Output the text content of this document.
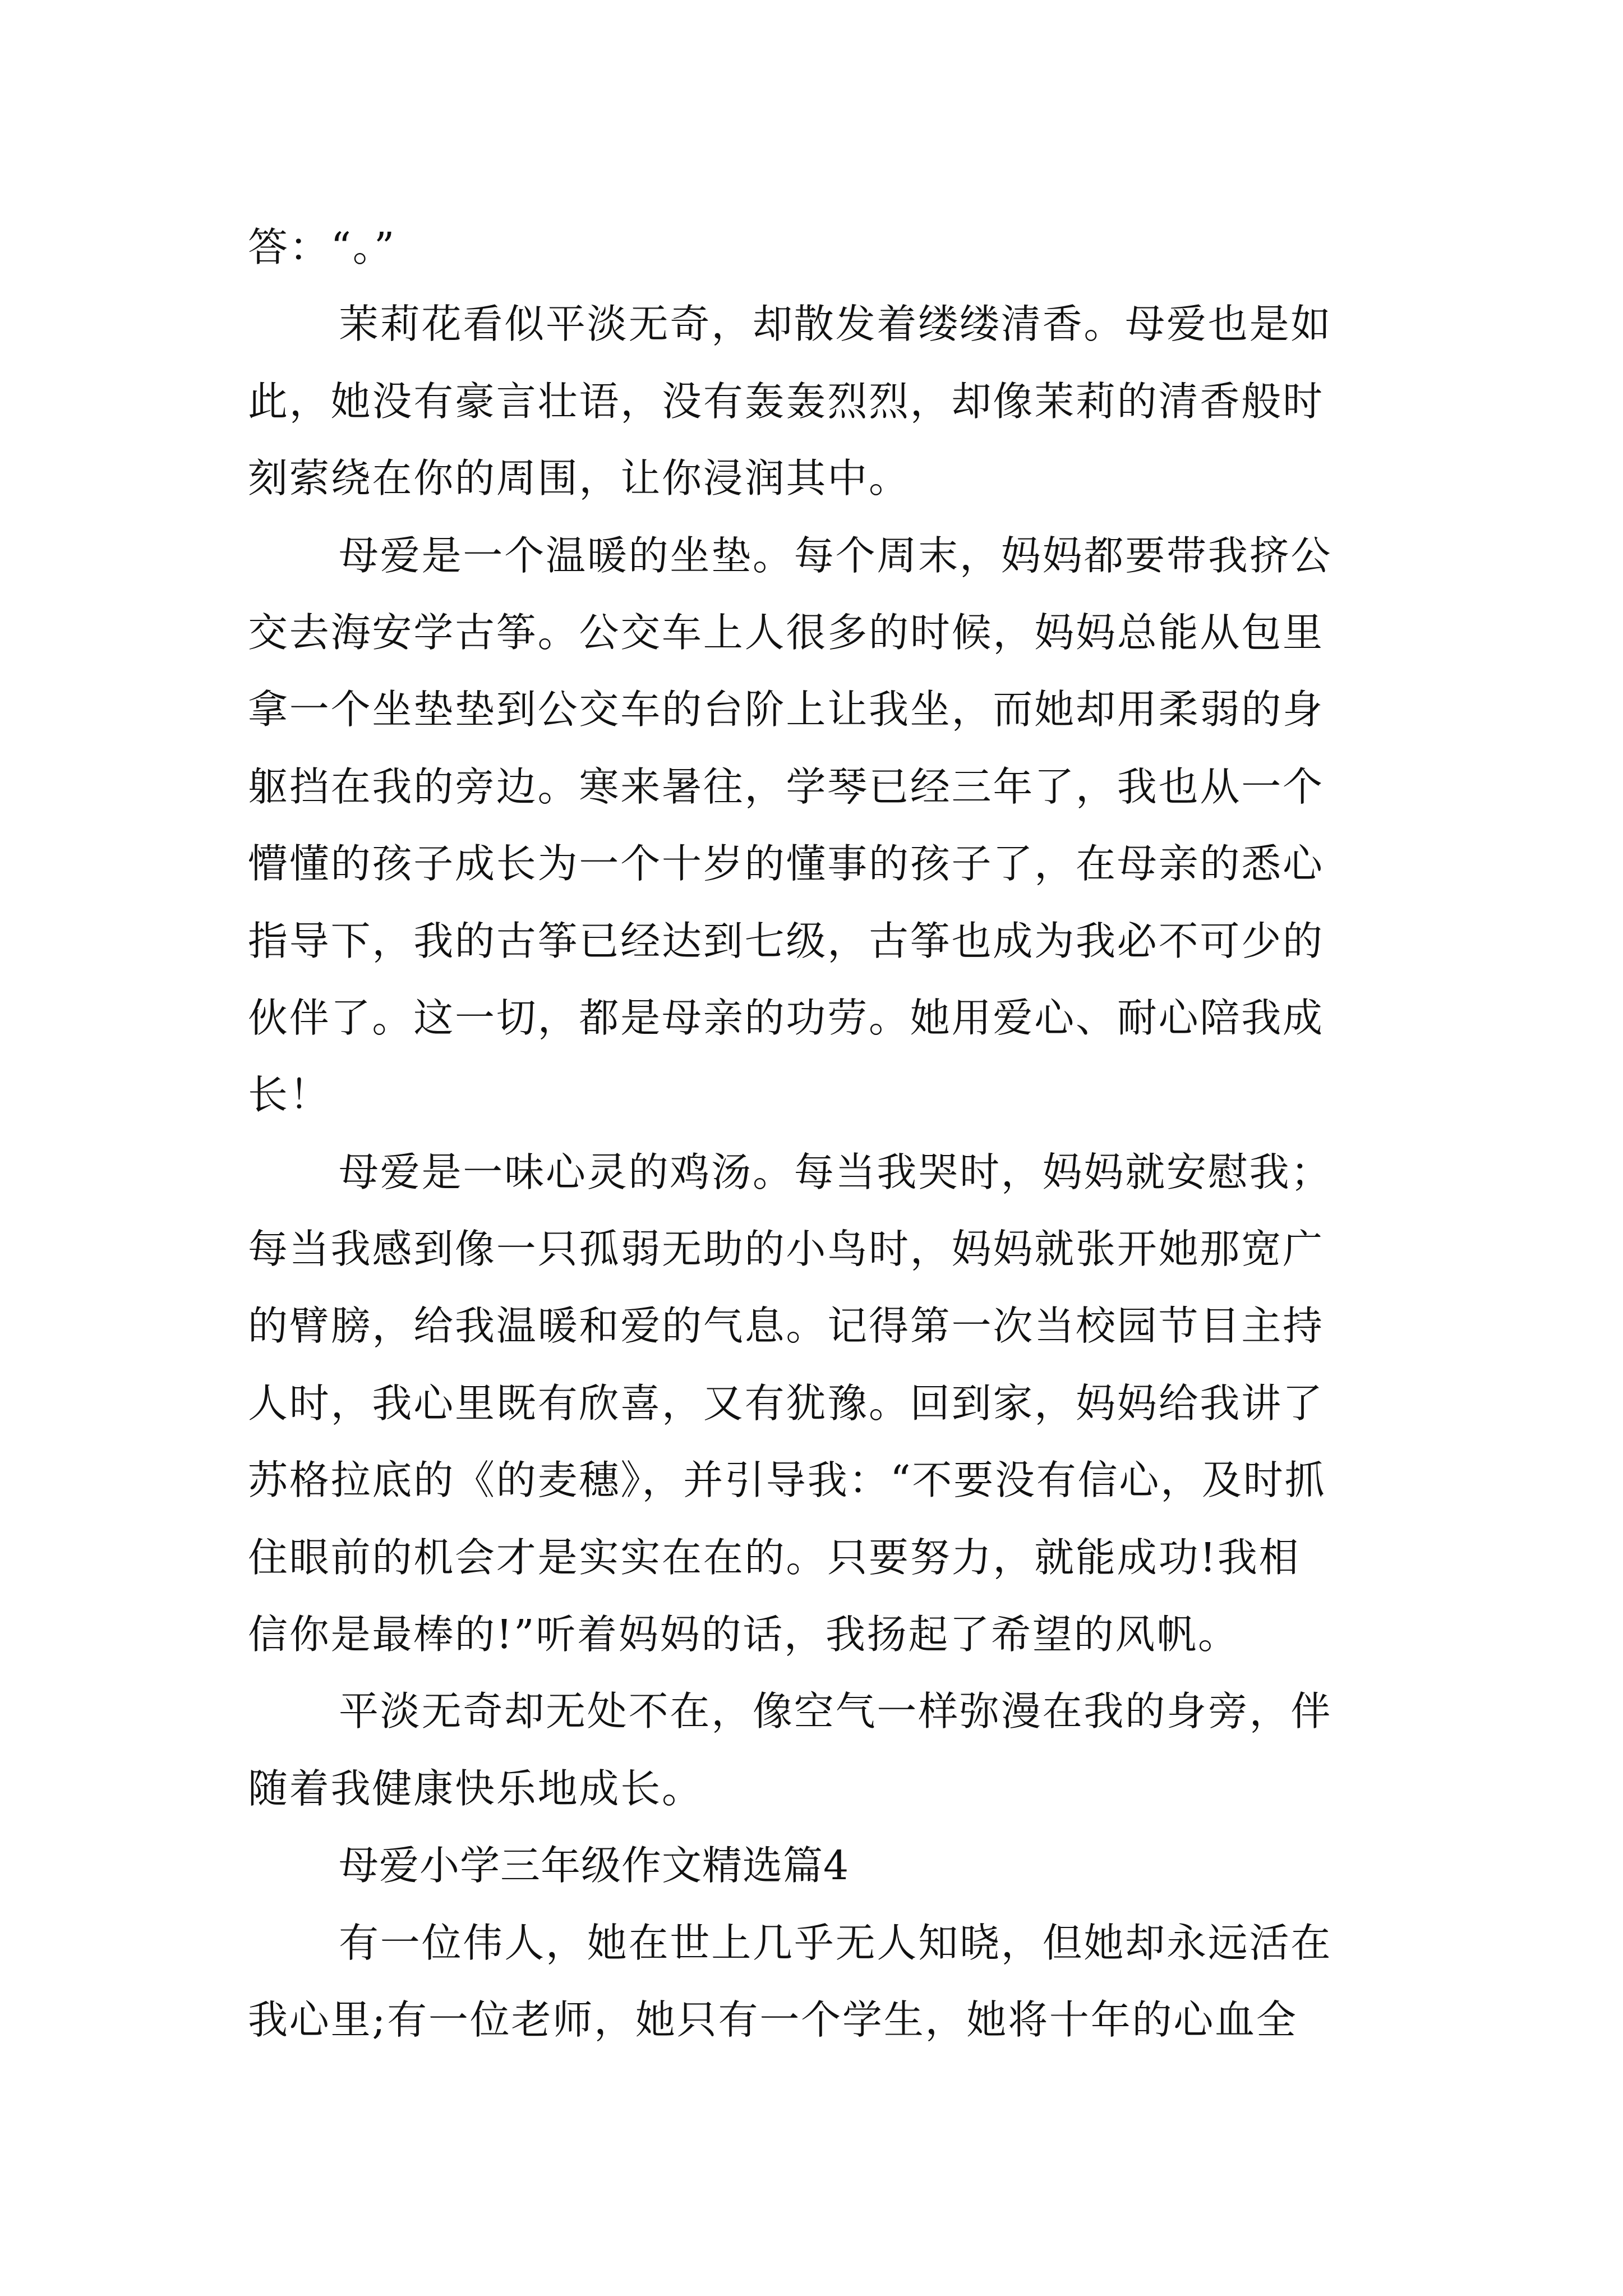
答：“。”
茉莉花看似平淡无奇，却散发着缕缕清香。母爱也是如
此，她没有豪言壮语，没有轰轰烈烈，却像茉莉的清香般时
刻萦绕在你的周围，让你浸润其中。
母爱是一个温暖的坐垫。每个周末，妈妈都要带我挤公
交去海安学古筝。公交车上人很多的时候，妈妈总能从包里
拿一个坐垫垫到公交车的台阶上让我坐，而她却用柔弱的身
躯挡在我的旁边。寒来暑往，学琴已经三年了，我也从一个
懵懂的孩子成长为一个十岁的懂事的孩子了，在母亲的悉心
指导下，我的古筝已经达到七级，古筝也成为我必不可少的
伙伴了。这一切，都是母亲的功劳。她用爱心、耐心陪我成
长！
母爱是一味心灵的鸡汤。每当我哭时，妈妈就安慰我；
每当我感到像一只孤弱无助的小鸟时，妈妈就张开她那宽广
的臂膀，给我温暖和爱的气息。记得第一次当校园节目主持
人时，我心里既有欣喜，又有犹豫。回到家，妈妈给我讲了
苏格拉底的《的麦穗》，并引导我：“不要没有信心，及时抓
住眼前的机会才是实实在在的。只要努力，就能成功!我相
信你是最棒的!”听着妈妈的话，我扬起了希望的风帆。
平淡无奇却无处不在，像空气一样弥漫在我的身旁，伴
随着我健康快乐地成长。
母爱小学三年级作文精选篇4
有一位伟人，她在世上几乎无人知晓，但她却永远活在
我心里;有一位老师，她只有一个学生，她将十年的心血全
